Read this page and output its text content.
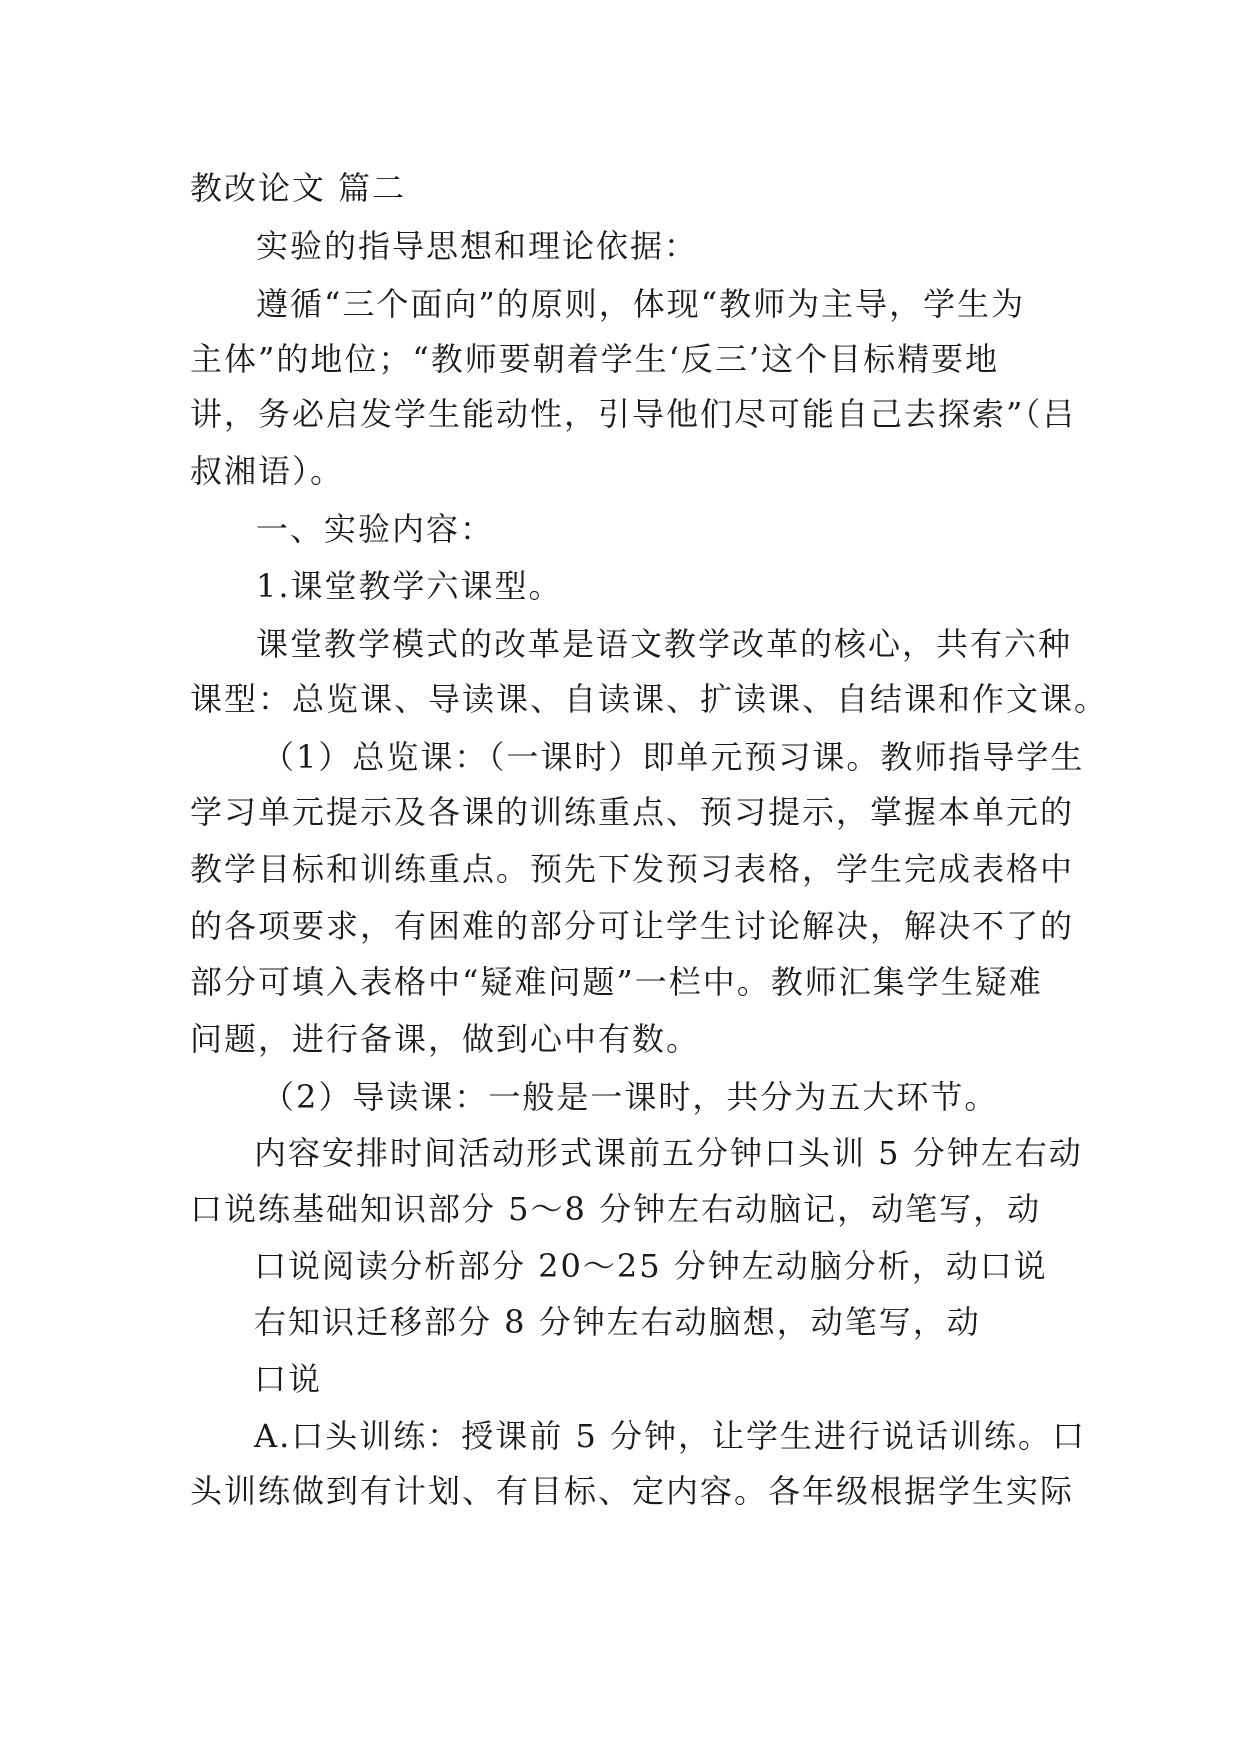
教改论文 篇二
实验的指导思想和理论依据：
遵循“三个面向”的原则，体现“教师为主导，学生为
主体”的地位；“教师要朝着学生‘反三’这个目标精要地
讲，务必启发学生能动性，引导他们尽可能自己去探索”（吕
叔湘语）。
一、实验内容：
1.课堂教学六课型。
课堂教学模式的改革是语文教学改革的核心，共有六种
课型：总览课、导读课、自读课、扩读课、自结课和作文课。
（1）总览课：（一课时）即单元预习课。教师指导学生
学习单元提示及各课的训练重点、预习提示，掌握本单元的
教学目标和训练重点。预先下发预习表格，学生完成表格中
的各项要求，有困难的部分可让学生讨论解决，解决不了的
部分可填入表格中“疑难问题”一栏中。教师汇集学生疑难
问题，进行备课，做到心中有数。
（2）导读课：一般是一课时，共分为五大环节。
内容安排时间活动形式课前五分钟口头训 5 分钟左右动
口说练基础知识部分 5～8 分钟左右动脑记，动笔写，动
口说阅读分析部分 20～25 分钟左动脑分析，动口说
右知识迁移部分 8 分钟左右动脑想，动笔写，动
口说
A.口头训练：授课前 5 分钟，让学生进行说话训练。口
头训练做到有计划、有目标、定内容。各年级根据学生实际
